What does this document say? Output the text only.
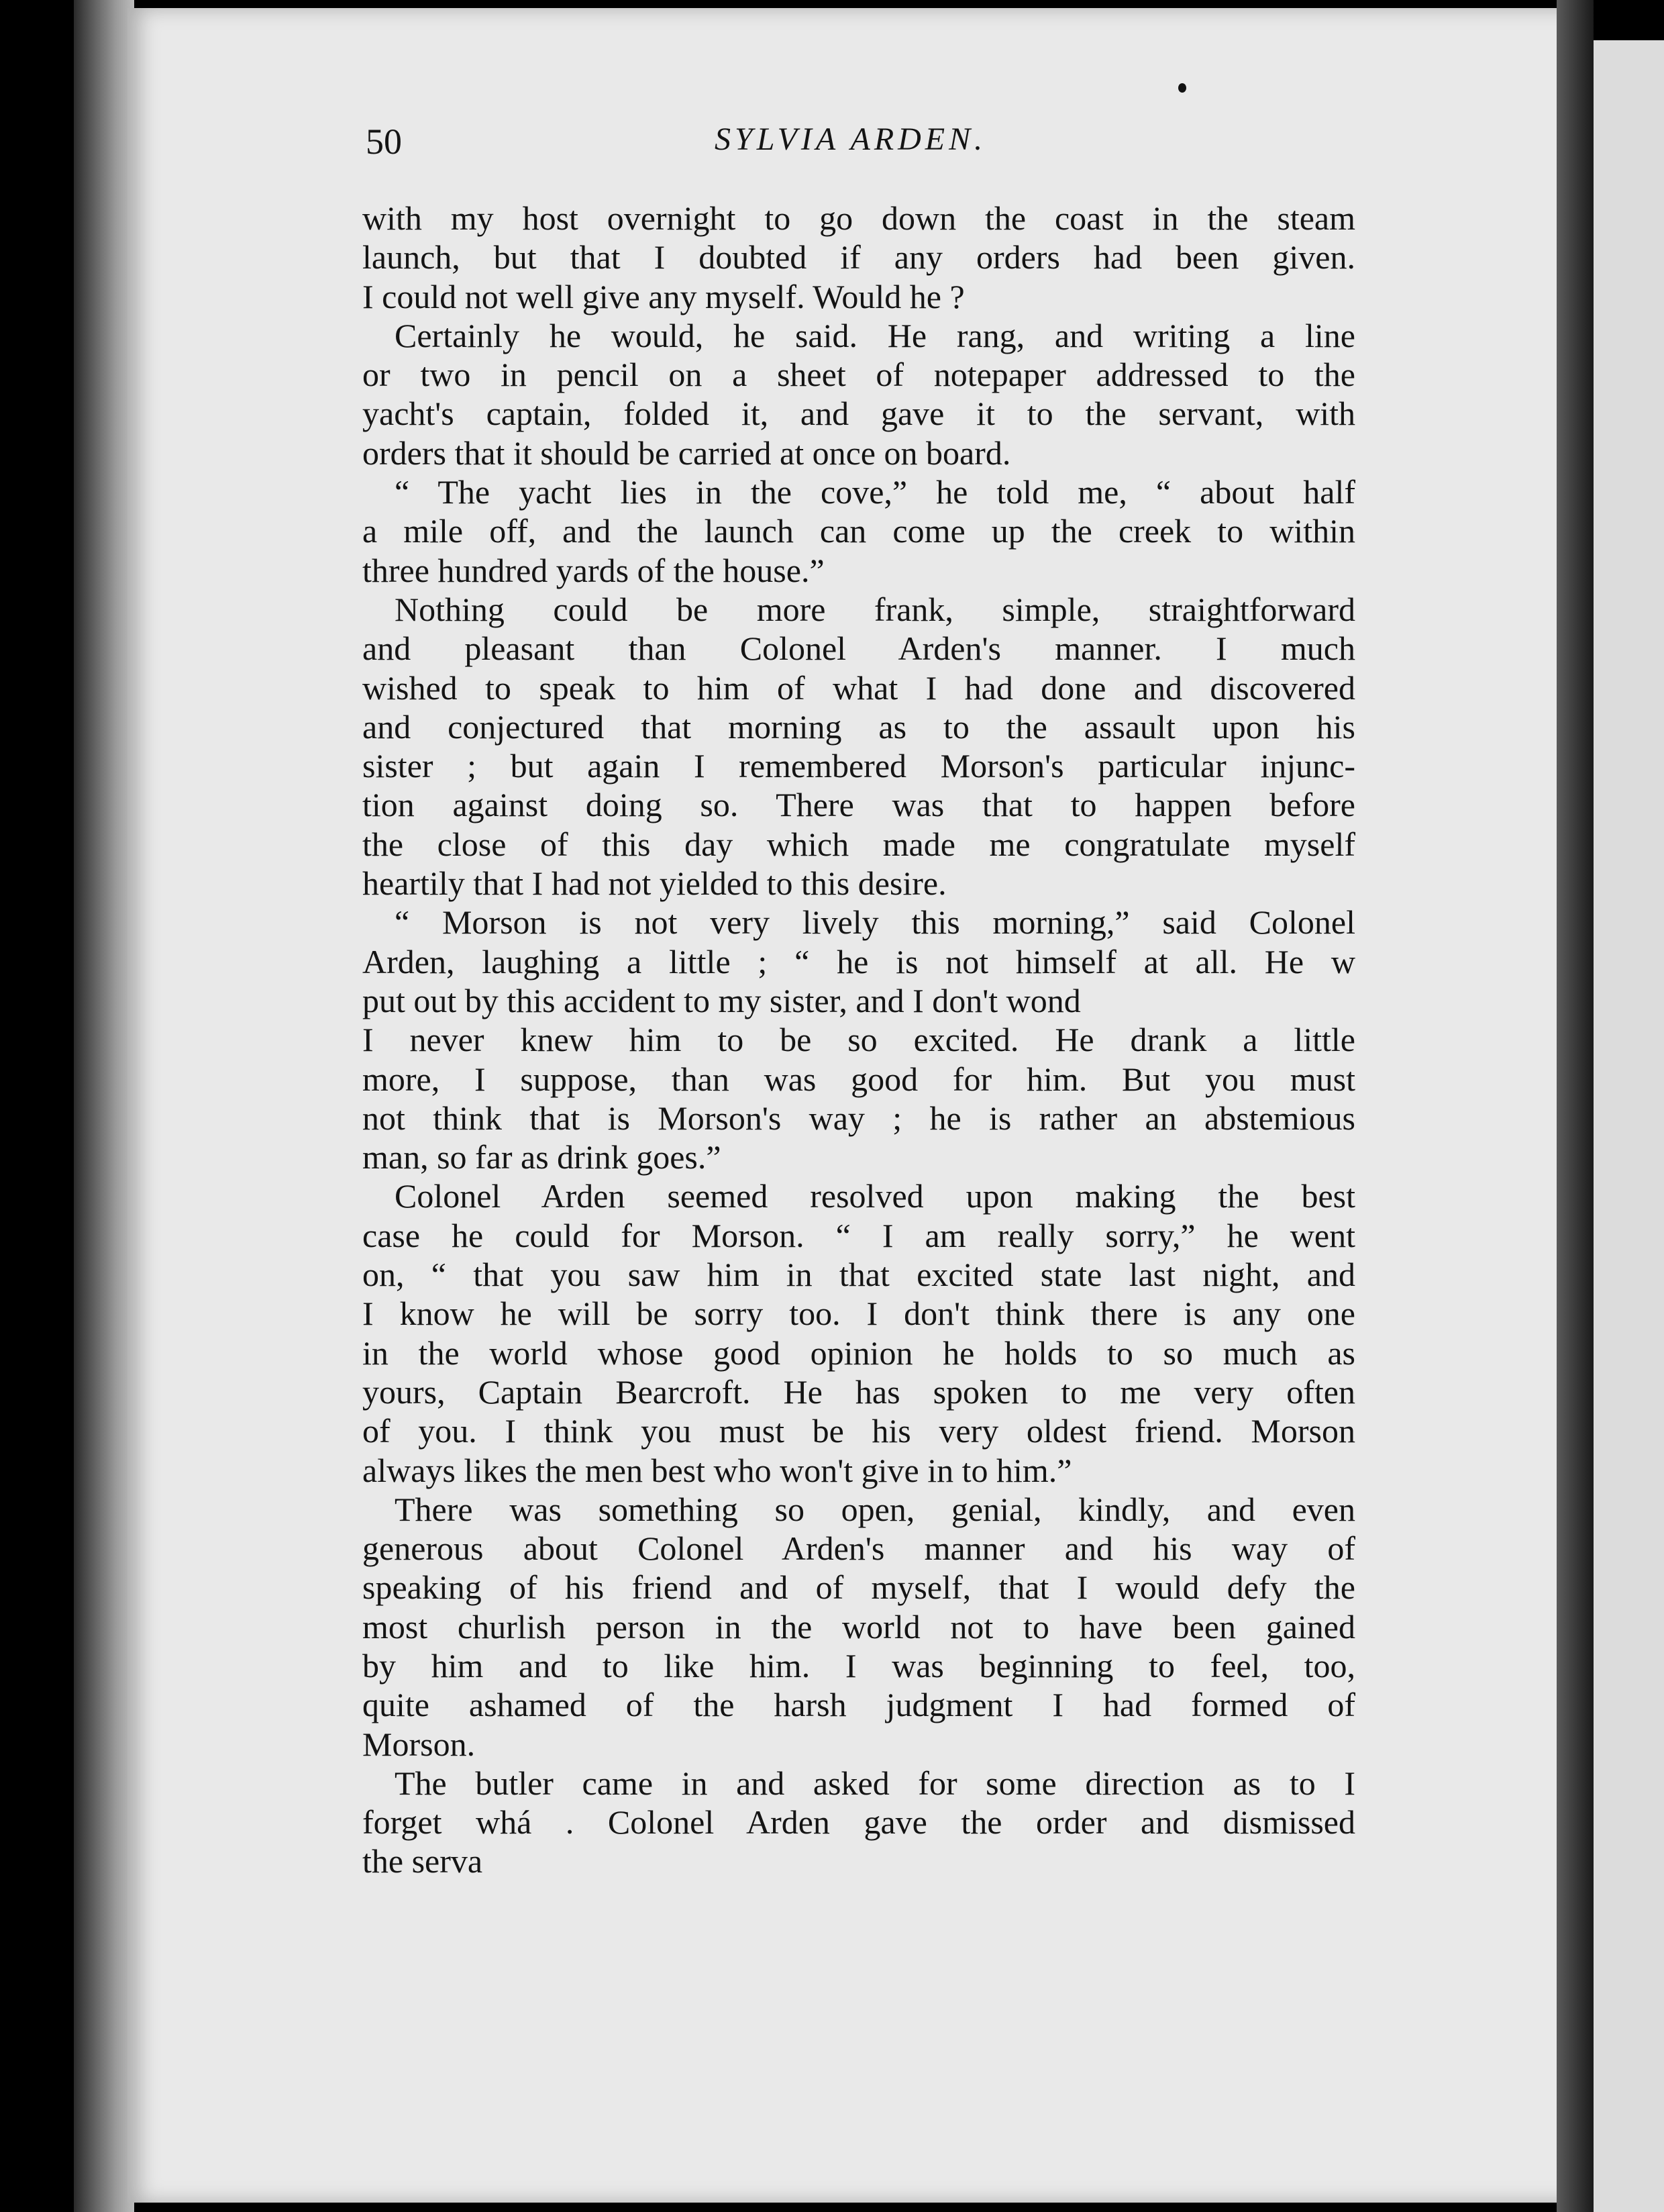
50	SYLVIA ARDEN.
with my host overnight to go down the coast in the steam
launch, but that I doubted if any orders had been given.
I could not well give any myself. Would he ?
Certainly he would, he said. He rang, and writing a line
or two in pencil on a sheet of notepaper addressed to the
yacht's captain, folded it, and gave it to the servant, with
orders that it should be carried at once on board.
“ The yacht lies in the cove,” he told me, “ about half
a mile off, and the launch can come up the creek to within
three hundred yards of the house.”
Nothing could be more frank, simple, straightforward
and pleasant than Colonel Arden's manner. I much
wished to speak to him of what I had done and discovered
and conjectured that morning as to the assault upon his
sister ; but again I remembered Morson's particular injunc-
tion against doing so. There was that to happen before
the close of this day which made me congratulate myself
heartily that I had not yielded to this desire.
“ Morson is not very lively this morning,” said Colonel
Arden, laughing a little ; “ he is not himself at all. He w
put out by this accident to my sister, and I don't wond
I never knew him to be so excited. He drank a little
more, I suppose, than was good for him. But you must
not think that is Morson's way ; he is rather an abstemious
man, so far as drink goes.”
Colonel Arden seemed resolved upon making the best
case he could for Morson. “ I am really sorry,” he went
on, “ that you saw him in that excited state last night, and
I know he will be sorry too. I don't think there is any one
in the world whose good opinion he holds to so much as
yours, Captain Bearcroft. He has spoken to me very often
of you. I think you must be his very oldest friend. Morson
always likes the men best who won't give in to him.”
There was something so open, genial, kindly, and even
generous about Colonel Arden's manner and his way of
speaking of his friend and of myself, that I would defy the
most churlish person in the world not to have been gained
by him and to like him. I was beginning to feel, too,
quite ashamed of the harsh judgment I had formed of
Morson.
The butler came in and asked for some direction as to I
forget whá . Colonel Arden gave the order and dismissed
the serva
